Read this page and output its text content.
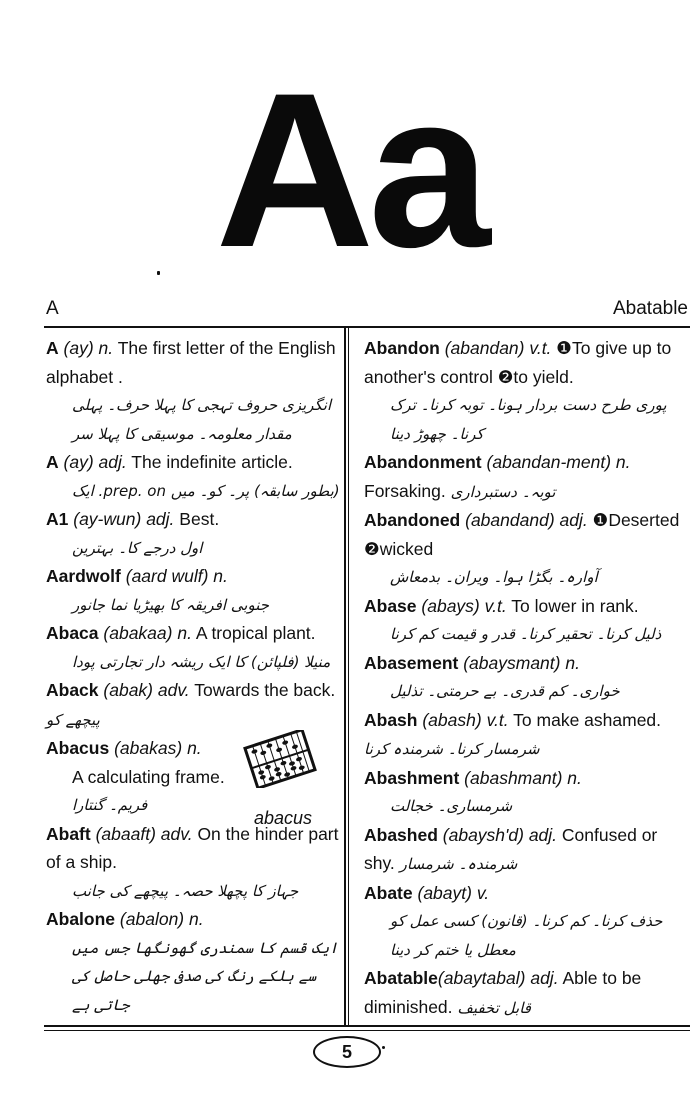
Aa
A	Abatable
A (ay) n. The first letter of the English alphabet .
انگریزی حروف تہجی کا پہلا حرف۔ پہلی مقدار معلومہ۔ موسیقی کا پہلا سر
A (ay) adj. The indefinite article.
(بطور سابقہ) پر۔ کو۔ میں prep. on. ایک
A1 (ay-wun) adj. Best.
اول درجے کا۔ بہترین
Aardwolf (aard wulf) n.
جنوبی افریقہ کا بھیڑیا نما جانور
Abaca (abakaa) n. A tropical plant.
منیلا (فلپائن) کا ایک ریشہ دار تجارتی پودا
Aback (abak) adv. Towards the back. پیچھے کو
Abacus (abakas) n.
A calculating frame.
فریم۔ گنتارا
abacus
Abaft (abaaft) adv. On the hinder part of a ship.
جہاز کا پچھلا حصہ۔ پیچھے کی جانب
Abalone (abalon) n.
ایک قسم کا سمندری گھونگھا جس میں سے ہلکے رنگ کی صدفی جھلی حاصل کی جاتی ہے
Abandon (abandan) v.t. ❶To give up to another's control ❷to yield.
پوری طرح دست بردار ہونا۔ توبہ کرنا۔ ترک کرنا۔ چھوڑ دینا
Abandonment (abandan-ment) n. Forsaking. توبہ۔ دستبرداری
Abandoned (abandand) adj. ❶Deserted ❷wicked
آوارہ۔ بگڑا ہوا۔ ویران۔ بدمعاش
Abase (abays) v.t. To lower in rank.
ذلیل کرنا۔ تحقیر کرنا۔ قدر و قیمت کم کرنا
Abasement (abaysmant) n.
خواری۔ کم قدری۔ بے حرمتی۔ تذلیل
Abash (abash) v.t. To make ashamed. شرمسار کرنا۔ شرمندہ کرنا
Abashment (abashmant) n.
شرمساری۔ خجالت
Abashed (abaysh'd) adj. Confused or shy. شرمندہ۔ شرمسار
Abate (abayt) v.
حذف کرنا۔ کم کرنا۔ (قانون) کسی عمل کو معطل یا ختم کر دینا
Abatable(abaytabal) adj. Able to be diminished. قابل تخفیف
5
